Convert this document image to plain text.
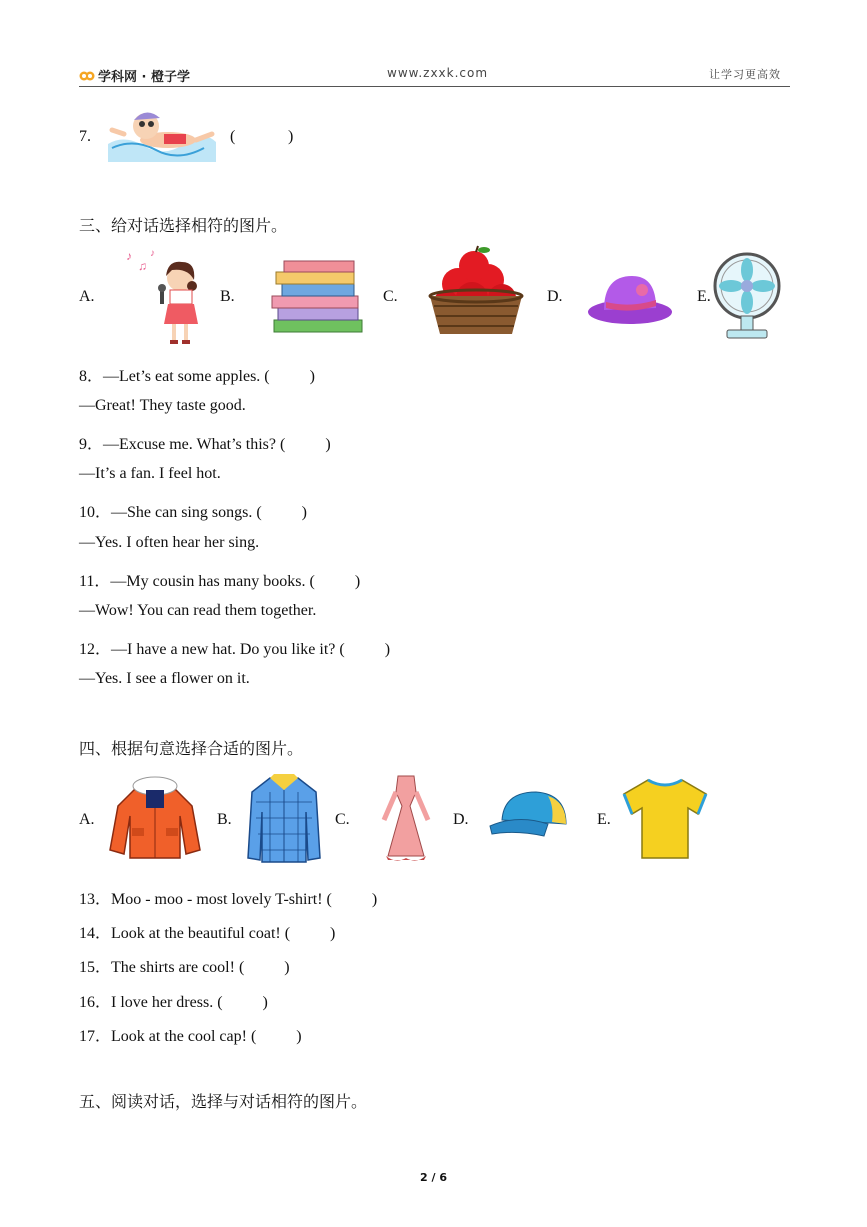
学科网 · 橙子学	www.zxxk.com	让学习更高效
7.	(	)
三、给对话选择相符的图片。
A.
♪
♫
♪
B.	C.	D.	E.
8．—Let’s eat some apples. (          )
—Great! They taste good.
9．—Excuse me. What’s this? (          )
—It’s a fan. I feel hot.
10．—She can sing songs. (          )
—Yes. I often hear her sing.
11．—My cousin has many books. (          )
—Wow! You can read them together.
12．—I have a new hat. Do you like it? (          )
—Yes. I see a flower on it.
四、根据句意选择合适的图片。
A.	B.	C.	D.	E.
13．Moo - moo - most lovely T-shirt! (          )
14．Look at the beautiful coat! (          )
15．The shirts are cool! (          )
16．I love her dress. (          )
17．Look at the cool cap! (          )
五、阅读对话，选择与对话相符的图片。
2 / 6
